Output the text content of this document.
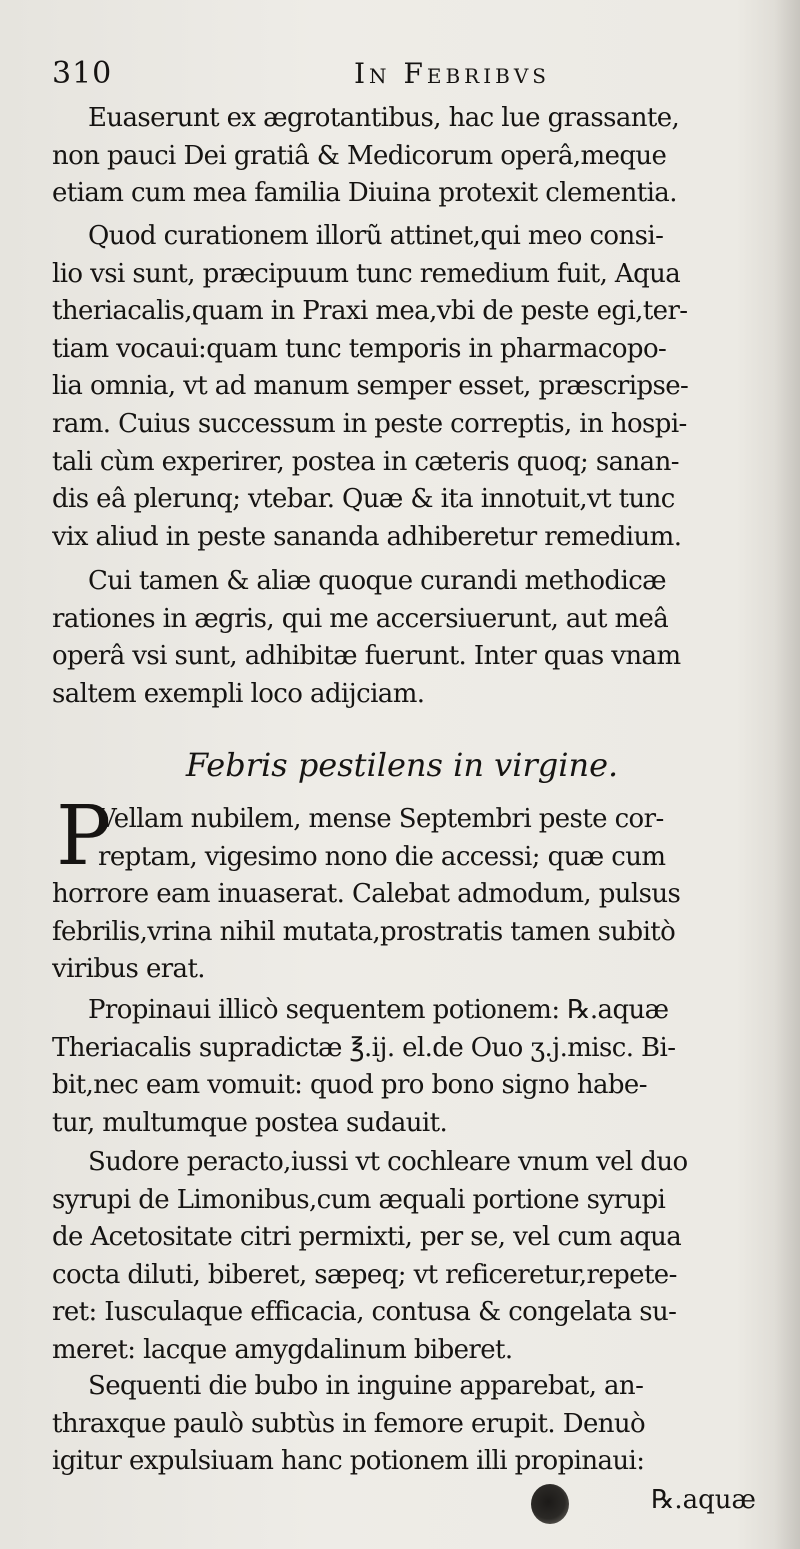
310	In Febribvs
Euaserunt ex ægrotantibus, hac lue grassante,
non pauci Dei gratiâ & Medicorum operâ,meque
etiam cum mea familia Diuina protexit clementia.
Quod curationem illorũ attinet,qui meo consi-
lio vsi sunt, præcipuum tunc remedium fuit, Aqua
theriacalis,quam in Praxi mea,vbi de peste egi,ter-
tiam vocaui:quam tunc temporis in pharmacopo-
lia omnia, vt ad manum semper esset, præscripse-
ram. Cuius successum in peste correptis, in hospi-
tali cùm experirer, postea in cæteris quoq; sanan-
dis eâ plerunq; vtebar. Quæ & ita innotuit,vt tunc
vix aliud in peste sananda adhiberetur remedium.
Cui tamen & aliæ quoque curandi methodicæ
rationes in ægris, qui me accersiuerunt, aut meâ
operâ vsi sunt, adhibitæ fuerunt. Inter quas vnam
saltem exempli loco adijciam.
Febris pestilens in virgine.
P
Vellam nubilem, mense Septembri peste cor-
reptam, vigesimo nono die accessi; quæ cum
horrore eam inuaserat. Calebat admodum, pulsus
febrilis,vrina nihil mutata,prostratis tamen subitò
viribus erat.
Propinaui illicò sequentem potionem: ℞.aquæ
Theriacalis supradictæ ℥.ij. el.de Ouo ʒ.j.misc. Bi-
bit,nec eam vomuit: quod pro bono signo habe-
tur, multumque postea sudauit.
Sudore peracto,iussi vt cochleare vnum vel duo
syrupi de Limonibus,cum æquali portione syrupi
de Acetositate citri permixti, per se, vel cum aqua
cocta diluti, biberet, sæpeq; vt reficeretur,repete-
ret: Iusculaque efficacia, contusa & congelata su-
meret: lacque amygdalinum biberet.
Sequenti die bubo in inguine apparebat, an-
thraxque paulò subtùs in femore erupit. Denuò
igitur expulsiuam hanc potionem illi propinaui:
℞.aquæ
